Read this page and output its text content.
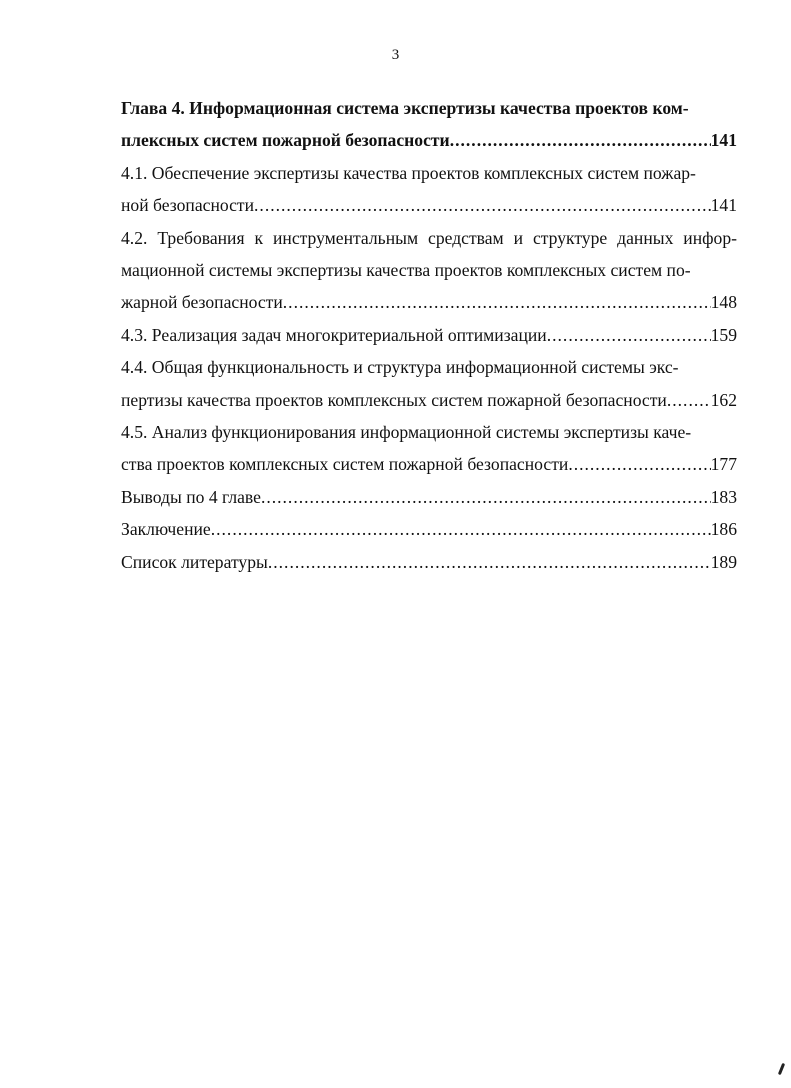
3
Глава 4. Информационная система экспертизы качества проектов ком-
плексных систем пожарной безопасности .....	141
4.1. Обеспечение экспертизы качества проектов комплексных систем пожар-
ной безопасности .....	141
4.2. Требования к инструментальным средствам и структуре данных инфор-мационной системы экспертизы качества проектов комплексных систем по-
жарной безопасности .....	148
4.3. Реализация задач многокритериальной оптимизации .....	159
4.4. Общая функциональность и структура информационной системы экс-
пертизы качества проектов комплексных систем пожарной безопасности ..... 162
4.5. Анализ функционирования информационной системы экспертизы каче-
ства проектов комплексных систем пожарной безопасности .....	177
Выводы по 4 главе .....	183
Заключение .....	186
Список литературы .....	189
